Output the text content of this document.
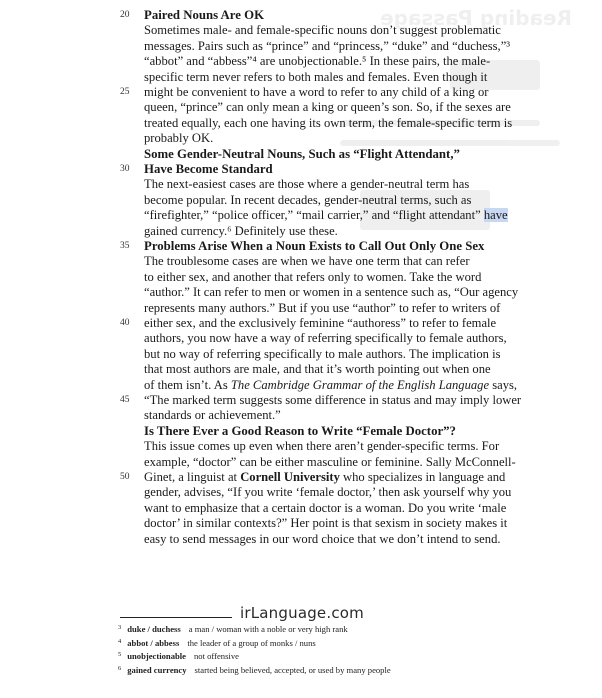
Reading Passage
20	Paired Nouns Are OK
Sometimes male- and female-specific nouns don’t suggest problematic
messages. Pairs such as “prince” and “princess,” “duke” and “duchess,”³
“abbot” and “abbess”⁴ are unobjectionable.⁵ In these pairs, the male-
specific term never refers to both males and females. Even though it
25	might be convenient to have a word to refer to any child of a king or
queen, “prince” can only mean a king or queen’s son. So, if the sexes are
treated equally, each one having its own term, the female-specific term is
probably OK.
Some Gender-Neutral Nouns, Such as “Flight Attendant,”
30	Have Become Standard
The next-easiest cases are those where a gender-neutral term has
become popular. In recent decades, gender-neutral terms, such as
“firefighter,” “police officer,” “mail carrier,” and “flight attendant” have
gained currency.⁶ Definitely use these.
35	Problems Arise When a Noun Exists to Call Out Only One Sex
The troublesome cases are when we have one term that can refer
to either sex, and another that refers only to women. Take the word
“author.” It can refer to men or women in a sentence such as, “Our agency
represents many authors.” But if you use “author” to refer to writers of
40	either sex, and the exclusively feminine “authoress” to refer to female
authors, you now have a way of referring specifically to female authors,
but no way of referring specifically to male authors. The implication is
that most authors are male, and that it’s worth pointing out when one
of them isn’t. As The Cambridge Grammar of the English Language says,
45	“The marked term suggests some difference in status and may imply lower
standards or achievement.”
Is There Ever a Good Reason to Write “Female Doctor”?
This issue comes up even when there aren’t gender-specific terms. For
example, “doctor” can be either masculine or feminine. Sally McConnell-
50	Ginet, a linguist at Cornell University who specializes in language and
gender, advises, “If you write ‘female doctor,’ then ask yourself why you
want to emphasize that a certain doctor is a woman. Do you write ‘male
doctor’ in similar contexts?” Her point is that sexism in society makes it
easy to send messages in our word choice that we don’t intend to send.
irLanguage.com
$^3$ duke / duchess a man / woman with a noble or very high rank
$^4$ abbot / abbess the leader of a group of monks / nuns
$^5$ unobjectionable not offensive
$^6$ gained currency started being believed, accepted, or used by many people
